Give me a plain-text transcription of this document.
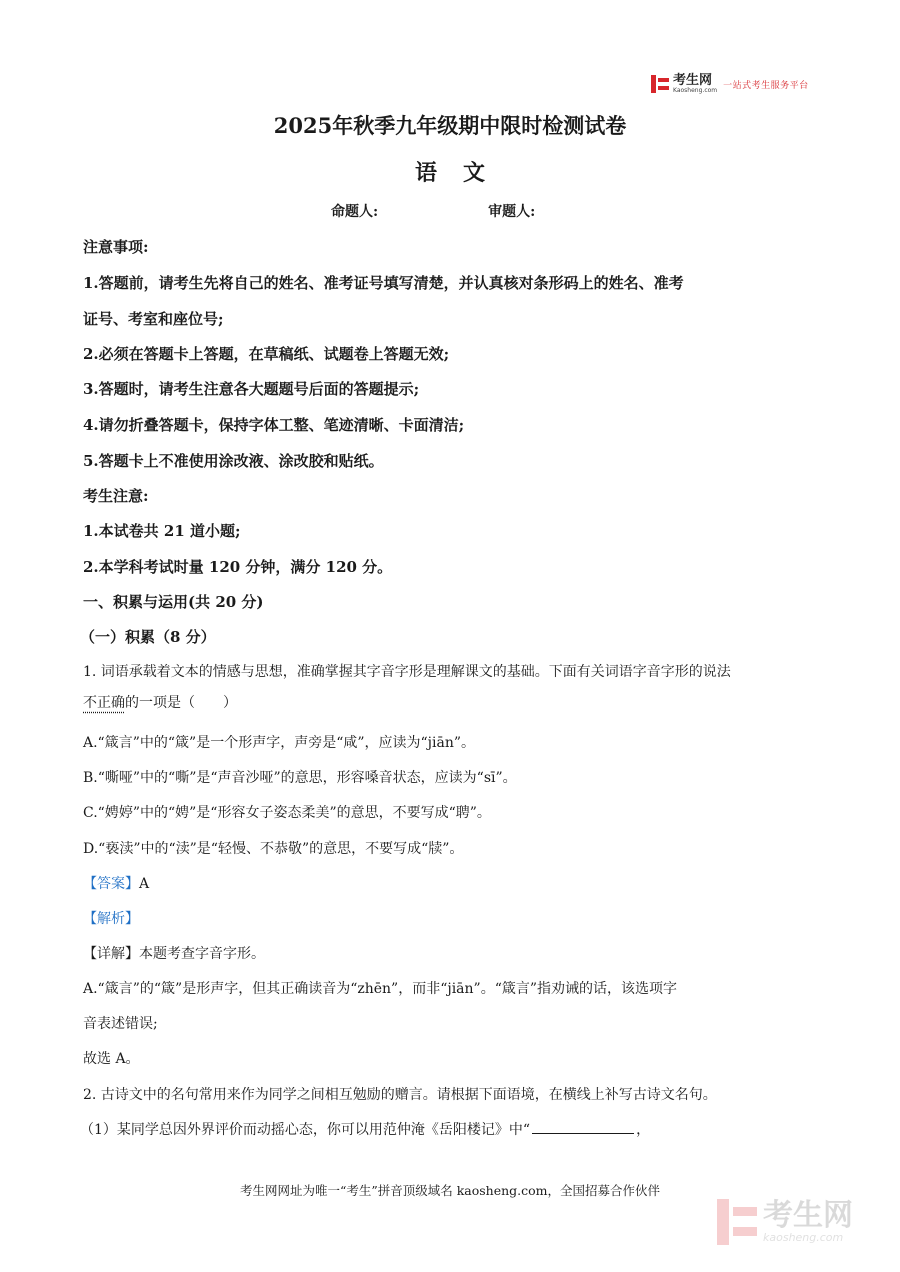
考生网
Kaosheng.com 一站式考生服务平台
2025年秋季九年级期中限时检测试卷
语文
命题人:	审题人:
注意事项:
1.答题前，请考生先将自己的姓名、准考证号填写清楚，并认真核对条形码上的姓名、准考
证号、考室和座位号;
2.必须在答题卡上答题，在草稿纸、试题卷上答题无效;
3.答题时，请考生注意各大题题号后面的答题提示;
4.请勿折叠答题卡，保持字体工整、笔迹清晰、卡面清洁;
5.答题卡上不准使用涂改液、涂改胶和贴纸。
考生注意:
1.本试卷共 21 道小题;
2.本学科考试时量 120 分钟，满分 120 分。
一、积累与运用(共 20 分)
（一）积累（8 分）
1. 词语承载着文本的情感与思想，准确掌握其字音字形是理解课文的基础。下面有关词语字音字形的说法
不正确的一项是（　　）
A.“箴言”中的“箴”是一个形声字，声旁是“咸”，应读为“jiān”。
B.“嘶哑”中的“嘶”是“声音沙哑”的意思，形容嗓音状态，应读为“sī”。
C.“娉婷”中的“娉”是“形容女子姿态柔美”的意思，不要写成“聘”。
D.“亵渎”中的“渎”是“轻慢、不恭敬”的意思，不要写成“牍”。
【答案】A
【解析】
【详解】本题考查字音字形。
A.“箴言”的“箴”是形声字，但其正确读音为“zhēn”，而非“jiān”。“箴言”指劝诫的话，该选项字
音表述错误;
故选 A。
2. 古诗文中的名句常用来作为同学之间相互勉励的赠言。请根据下面语境，在横线上补写古诗文名句。
（1）某同学总因外界评价而动摇心态，你可以用范仲淹《岳阳楼记》中“	，
考生网网址为唯一“考生”拼音顶级域名 kaosheng.com，全国招募合作伙伴
考生网
kaosheng.com
